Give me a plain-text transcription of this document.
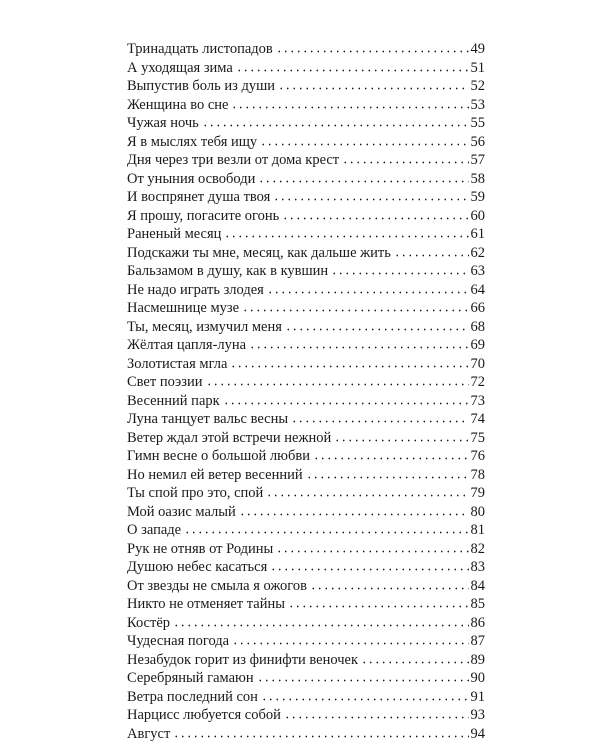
Тринадцать листопадов	49
А уходящая зима	51
Выпустив боль из души	52
Женщина во сне	53
Чужая ночь	55
Я в мыслях тебя ищу	56
Дня через три везли от дома крест	57
От уныния освободи	58
И воспрянет душа твоя	59
Я прошу, погасите огонь	60
Раненый месяц	61
Подскажи ты мне, месяц, как дальше жить	62
Бальзамом в душу, как в кувшин	63
Не надо играть злодея	64
Насмешнице музе	66
Ты, месяц, измучил меня	68
Жёлтая цапля-луна	69
Золотистая мгла	70
Свет поэзии	72
Весенний парк	73
Луна танцует вальс весны	74
Ветер ждал этой встречи нежной	75
Гимн весне о большой любви	76
Но немил ей ветер весенний	78
Ты спой про это, спой	79
Мой оазис малый	80
О западе	81
Рук не отняв от Родины	82
Душою небес касаться	83
От звезды не смыла я ожогов	84
Никто не отменяет тайны	85
Костёр	86
Чудесная погода	87
Незабудок горит из финифти веночек	89
Серебряный гамаюн	90
Ветра последний сон	91
Нарцисс любуется собой	93
Август	94
